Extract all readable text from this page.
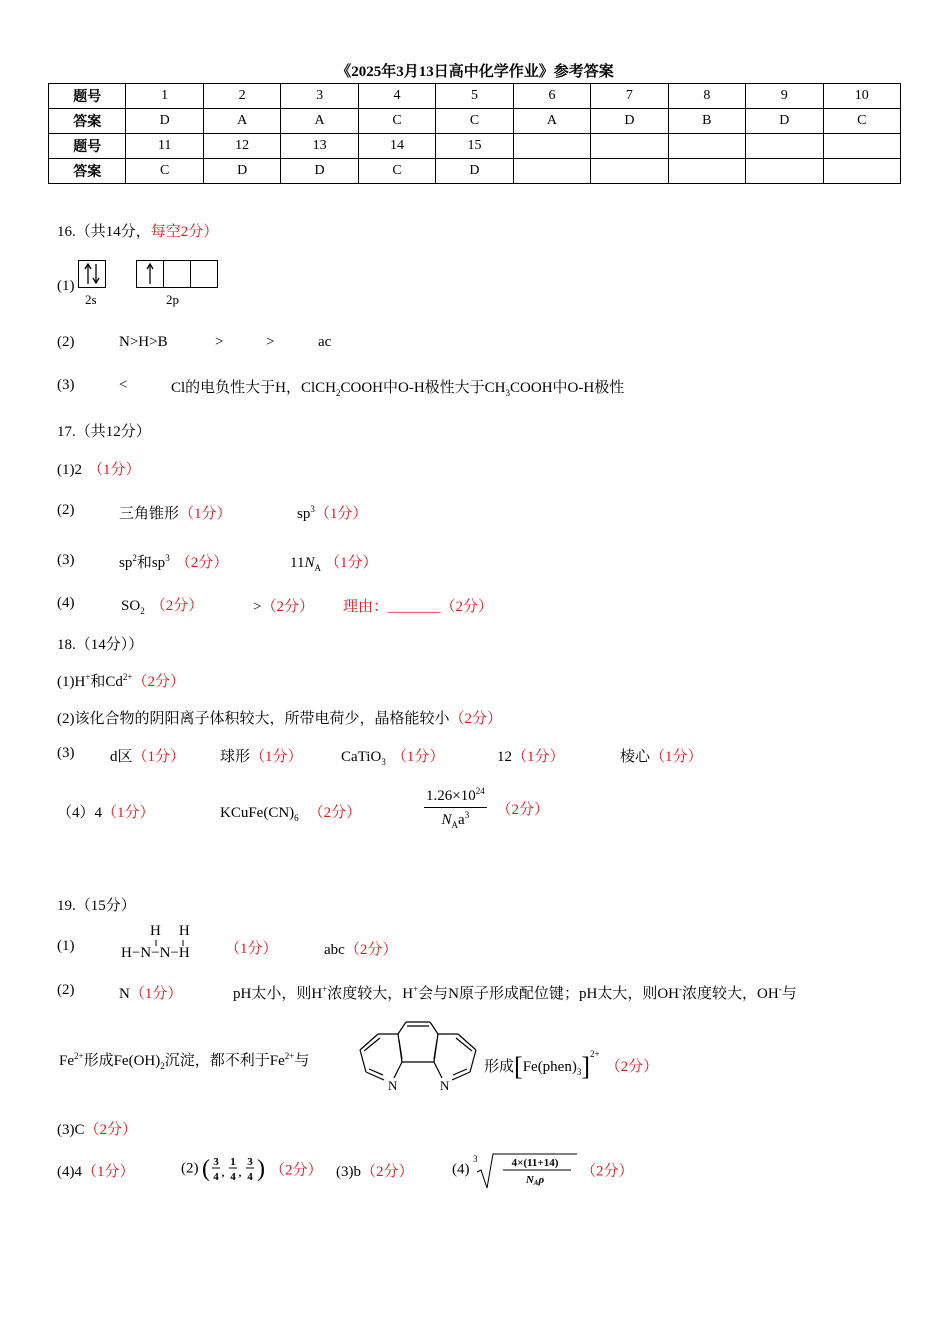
《2025年3月13日高中化学作业》参考答案
题号	1	2	3	4	5	6	7	8	9	10
答案	D	A	A	C	C	A	D	B	D	C
题号	11	12	13	14	15					
答案	C	D	D	C	D					
16.（共14分，每空2分）
(1)

2s	2p
(2)	N>H>B	>	>	ac
(3)	<	Cl的电负性大于H，ClCH$_2$COOH中O-H极性大于$CH_3COOH$中O-H极性
17.（共12分）
(1)2 （1分）
(2)	三角锥形（1分）	$sp^3(1$分）
(3)	$sp^2$和$sp^3$ （2分）	$11N_A$ （1分）
(4)	$SO_2$ （2分）	>（2分） 理由：_______（2分）
18.（14分））
(1)H+和$Cd^{2+}(2$分）
(2)该化合物的阴阳离子体积较大，所带电荷少，晶格能较小（2分）
(3) d区（1分） 球形（1分）	CaTiO$_3$ （1分）	12（1分）	棱心（1分）
（4）4（1分）	$KCuFe(CN)_6$ （2分）	$\frac{1.26\times 10^{24}}{N_Aa^3} (2$分）
19.（15分）
(1)
H H
H−N−N−H （1分）	abc（2分）
(2)	N（1分）	pH太小，则H+浓度较大，H+会与N原子形成配位键；pH太大，则OH-浓度较大，OH-与
$Fe^{2+}$形成$Fe(OH)_2$沉淀，都不利于$Fe^{2+}$与
N	N
形成$[Fe(phen)_3]^{2+}(2$分）
(3)C（2分）
(4)4（1分）	(2) ( 3
4 ,
1
4 ,
3
4 ) （2分） (3)b（2分）	(4)
3	4×(11+14)
NAρ
（2分）
